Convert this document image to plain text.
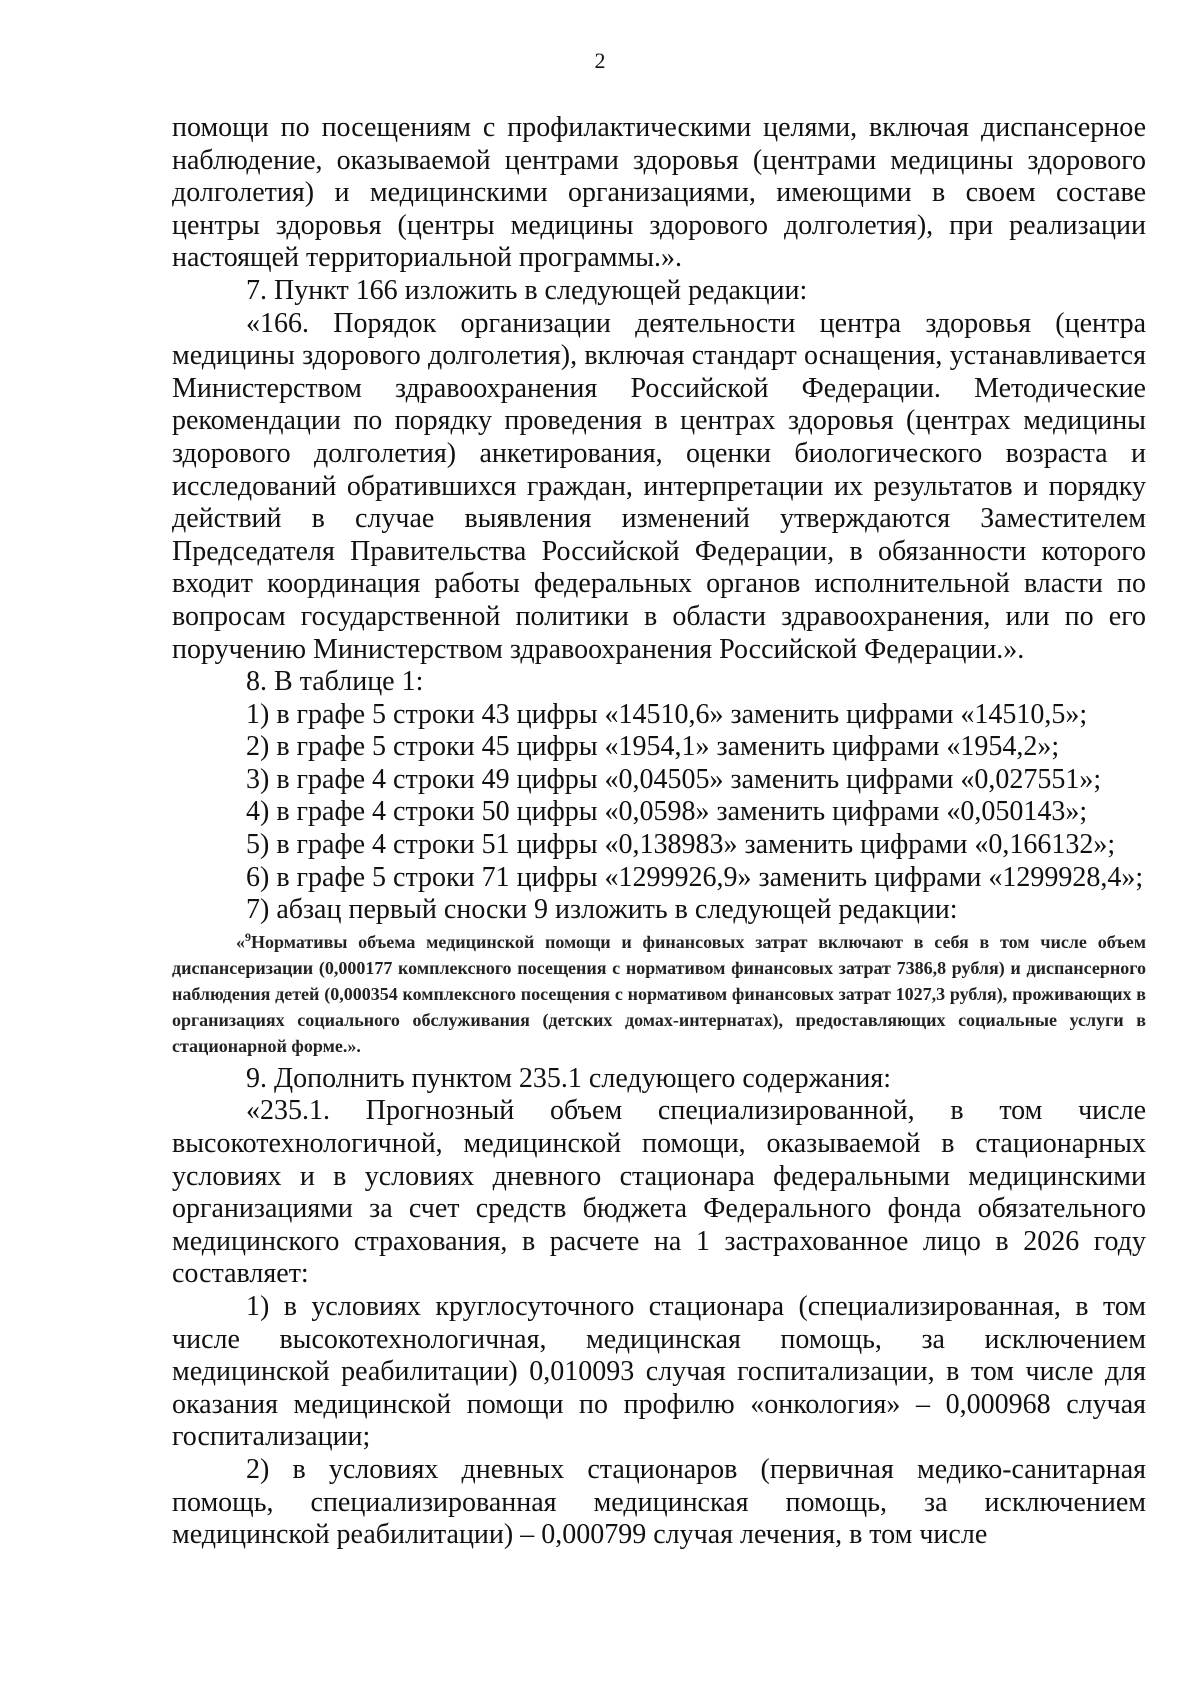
2

помощи по посещениям с профилактическими целями, включая диспансерное наблюдение, оказываемой центрами здоровья (центрами медицины здорового долголетия) и медицинскими организациями, имеющими в своем составе центры здоровья (центры медицины здорового долголетия), при реализации настоящей территориальной программы.».

7. Пункт 166 изложить в следующей редакции:

«166. Порядок организации деятельности центра здоровья (центра медицины здорового долголетия), включая стандарт оснащения, устанавливается Министерством здравоохранения Российской Федерации. Методические рекомендации по порядку проведения в центрах здоровья (центрах медицины здорового долголетия) анкетирования, оценки биологического возраста и исследований обратившихся граждан, интерпретации их результатов и порядку действий в случае выявления изменений утверждаются Заместителем Председателя Правительства Российской Федерации, в обязанности которого входит координация работы федеральных органов исполнительной власти по вопросам государственной политики в области здравоохранения, или по его поручению Министерством здравоохранения Российской Федерации.».

8. В таблице 1:

1) в графе 5 строки 43 цифры «14510,6» заменить цифрами «14510,5»;

2) в графе 5 строки 45 цифры «1954,1» заменить цифрами «1954,2»;

3) в графе 4 строки 49 цифры «0,04505» заменить цифрами «0,027551»;

4) в графе 4 строки 50 цифры «0,0598» заменить цифрами «0,050143»;

5) в графе 4 строки 51 цифры «0,138983» заменить цифрами «0,166132»;

6) в графе 5 строки 71 цифры «1299926,9» заменить цифрами «1299928,4»;

7) абзац первый сноски 9 изложить в следующей редакции:

«$^9$Нормативы объема медицинской помощи и финансовых затрат включают в себя в том числе объем диспансеризации (0,000177 комплексного посещения с нормативом финансовых затрат 7386,8 рубля) и диспансерного наблюдения детей (0,000354 комплексного посещения с нормативом финансовых затрат 1027,3 рубля), проживающих в организациях социального обслуживания (детских домах-интернатах), предоставляющих социальные услуги в стационарной форме.».

9. Дополнить пунктом 235.1 следующего содержания:

«235.1. Прогнозный объем специализированной, в том числе высокотехнологичной, медицинской помощи, оказываемой в стационарных условиях и в условиях дневного стационара федеральными медицинскими организациями за счет средств бюджета Федерального фонда обязательного медицинского страхования, в расчете на 1 застрахованное лицо в 2026 году составляет:

1) в условиях круглосуточного стационара (специализированная, в том числе высокотехнологичная, медицинская помощь, за исключением медицинской реабилитации) 0,010093 случая госпитализации, в том числе для оказания медицинской помощи по профилю «онкология» – 0,000968 случая госпитализации;

2) в условиях дневных стационаров (первичная медико-санитарная помощь, специализированная медицинская помощь, за исключением медицинской реабилитации) – 0,000799 случая лечения, в том числе
